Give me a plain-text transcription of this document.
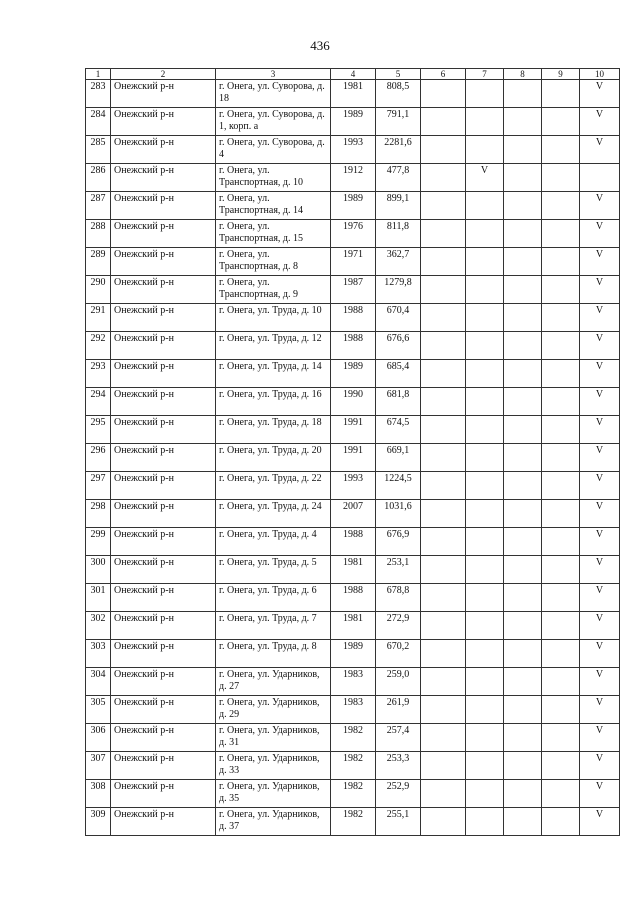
436
1	2	3	4	5	6	7	8	9	10
283	Онежский р-н	г. Онега, ул. Суворова, д. 18	1981	808,5					V
284	Онежский р-н	г. Онега, ул. Суворова, д. 1, корп. а	1989	791,1					V
285	Онежский р-н	г. Онега, ул. Суворова, д. 4	1993	2281,6					V
286	Онежский р-н	г. Онега, ул. Транспортная, д. 10	1912	477,8		V			
287	Онежский р-н	г. Онега, ул. Транспортная, д. 14	1989	899,1					V
288	Онежский р-н	г. Онега, ул. Транспортная, д. 15	1976	811,8					V
289	Онежский р-н	г. Онега, ул. Транспортная, д. 8	1971	362,7					V
290	Онежский р-н	г. Онега, ул. Транспортная, д. 9	1987	1279,8					V
291	Онежский р-н	г. Онега, ул. Труда, д. 10	1988	670,4					V
292	Онежский р-н	г. Онега, ул. Труда, д. 12	1988	676,6					V
293	Онежский р-н	г. Онега, ул. Труда, д. 14	1989	685,4					V
294	Онежский р-н	г. Онега, ул. Труда, д. 16	1990	681,8					V
295	Онежский р-н	г. Онега, ул. Труда, д. 18	1991	674,5					V
296	Онежский р-н	г. Онега, ул. Труда, д. 20	1991	669,1					V
297	Онежский р-н	г. Онега, ул. Труда, д. 22	1993	1224,5					V
298	Онежский р-н	г. Онега, ул. Труда, д. 24	2007	1031,6					V
299	Онежский р-н	г. Онега, ул. Труда, д. 4	1988	676,9					V
300	Онежский р-н	г. Онега, ул. Труда, д. 5	1981	253,1					V
301	Онежский р-н	г. Онега, ул. Труда, д. 6	1988	678,8					V
302	Онежский р-н	г. Онега, ул. Труда, д. 7	1981	272,9					V
303	Онежский р-н	г. Онега, ул. Труда, д. 8	1989	670,2					V
304	Онежский р-н	г. Онега, ул. Ударников, д. 27	1983	259,0					V
305	Онежский р-н	г. Онега, ул. Ударников, д. 29	1983	261,9					V
306	Онежский р-н	г. Онега, ул. Ударников, д. 31	1982	257,4					V
307	Онежский р-н	г. Онега, ул. Ударников, д. 33	1982	253,3					V
308	Онежский р-н	г. Онега, ул. Ударников, д. 35	1982	252,9					V
309	Онежский р-н	г. Онега, ул. Ударников, д. 37	1982	255,1					V
